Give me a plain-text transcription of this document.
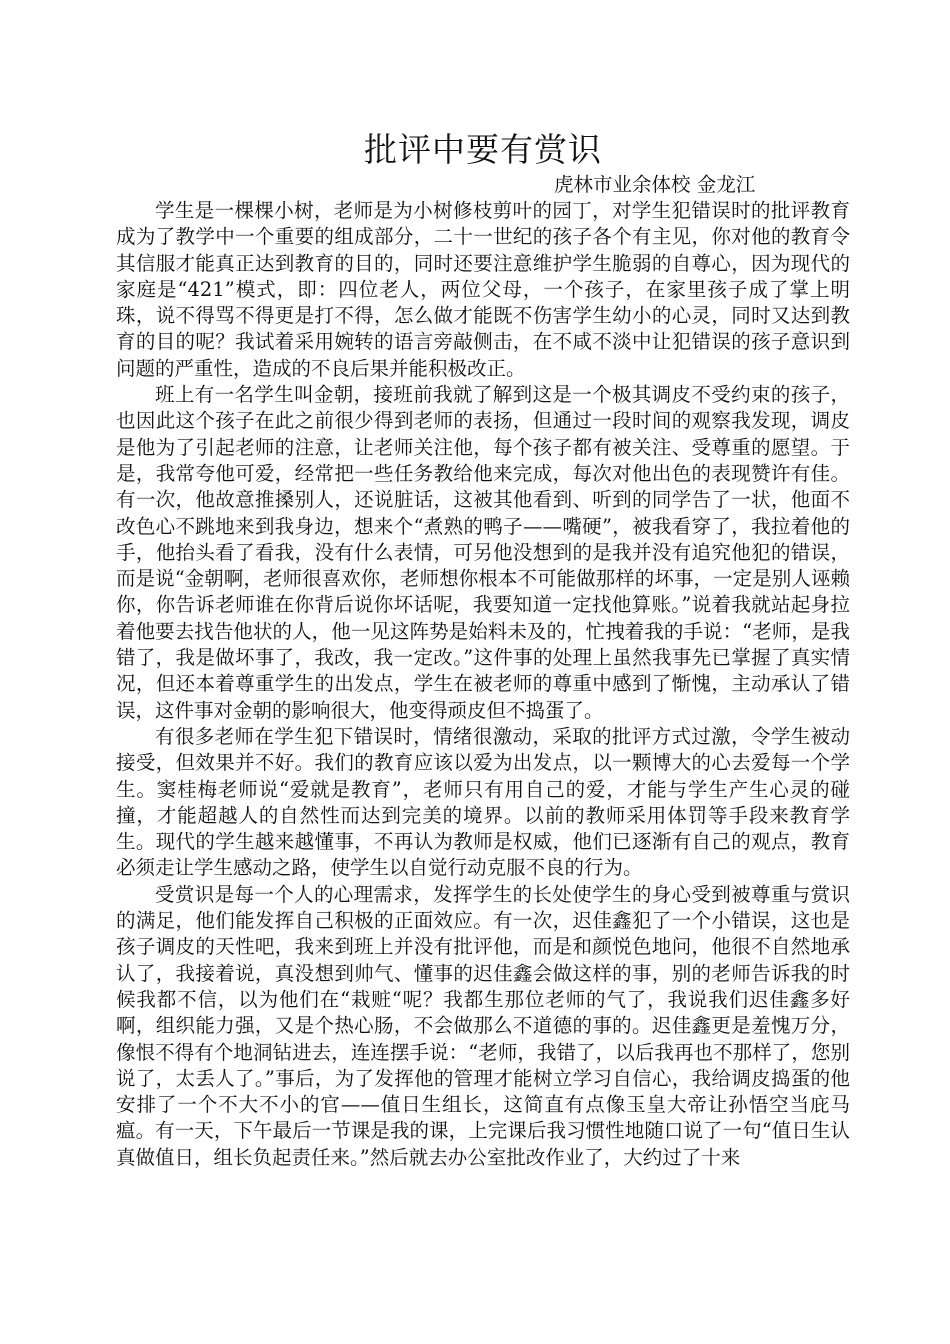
批评中要有赏识

虎林市业余体校 金龙江

学生是一棵棵小树，老师是为小树修枝剪叶的园丁，对学生犯错误时的批评教育成为了教学中一个重要的组成部分，二十一世纪的孩子各个有主见，你对他的教育令其信服才能真正达到教育的目的，同时还要注意维护学生脆弱的自尊心，因为现代的家庭是“421”模式，即：四位老人，两位父母，一个孩子，在家里孩子成了掌上明珠，说不得骂不得更是打不得，怎么做才能既不伤害学生幼小的心灵，同时又达到教育的目的呢？我试着采用婉转的语言旁敲侧击，在不咸不淡中让犯错误的孩子意识到问题的严重性，造成的不良后果并能积极改正。

班上有一名学生叫金朝，接班前我就了解到这是一个极其调皮不受约束的孩子，也因此这个孩子在此之前很少得到老师的表扬，但通过一段时间的观察我发现，调皮是他为了引起老师的注意，让老师关注他，每个孩子都有被关注、受尊重的愿望。于是，我常夸他可爱，经常把一些任务教给他来完成，每次对他出色的表现赞许有佳。有一次，他故意推搡别人，还说脏话，这被其他看到、听到的同学告了一状，他面不改色心不跳地来到我身边，想来个“煮熟的鸭子——嘴硬”，被我看穿了，我拉着他的手，他抬头看了看我，没有什么表情，可另他没想到的是我并没有追究他犯的错误，而是说“金朝啊，老师很喜欢你，老师想你根本不可能做那样的坏事，一定是别人诬赖你，你告诉老师谁在你背后说你坏话呢，我要知道一定找他算账。”说着我就站起身拉着他要去找告他状的人，他一见这阵势是始料未及的，忙拽着我的手说：“老师，是我错了，我是做坏事了，我改，我一定改。”这件事的处理上虽然我事先已掌握了真实情况，但还本着尊重学生的出发点，学生在被老师的尊重中感到了惭愧，主动承认了错误，这件事对金朝的影响很大，他变得顽皮但不捣蛋了。

有很多老师在学生犯下错误时，情绪很激动，采取的批评方式过激，令学生被动接受，但效果并不好。我们的教育应该以爱为出发点，以一颗博大的心去爱每一个学生。窦桂梅老师说“爱就是教育”，老师只有用自己的爱，才能与学生产生心灵的碰撞，才能超越人的自然性而达到完美的境界。以前的教师采用体罚等手段来教育学生。现代的学生越来越懂事，不再认为教师是权威，他们已逐渐有自己的观点，教育必须走让学生感动之路，使学生以自觉行动克服不良的行为。

受赏识是每一个人的心理需求，发挥学生的长处使学生的身心受到被尊重与赏识的满足，他们能发挥自己积极的正面效应。有一次，迟佳鑫犯了一个小错误，这也是孩子调皮的天性吧，我来到班上并没有批评他，而是和颜悦色地问，他很不自然地承认了，我接着说，真没想到帅气、懂事的迟佳鑫会做这样的事，别的老师告诉我的时候我都不信，以为他们在“栽赃“呢？我都生那位老师的气了，我说我们迟佳鑫多好啊，组织能力强，又是个热心肠，不会做那么不道德的事的。迟佳鑫更是羞愧万分，像恨不得有个地洞钻进去，连连摆手说：“老师，我错了，以后我再也不那样了，您别说了，太丢人了。”事后，为了发挥他的管理才能树立学习自信心，我给调皮捣蛋的他安排了一个不大不小的官——值日生组长，这简直有点像玉皇大帝让孙悟空当庇马瘟。有一天，下午最后一节课是我的课，上完课后我习惯性地随口说了一句“值日生认真做值日，组长负起责任来。”然后就去办公室批改作业了，大约过了十来
